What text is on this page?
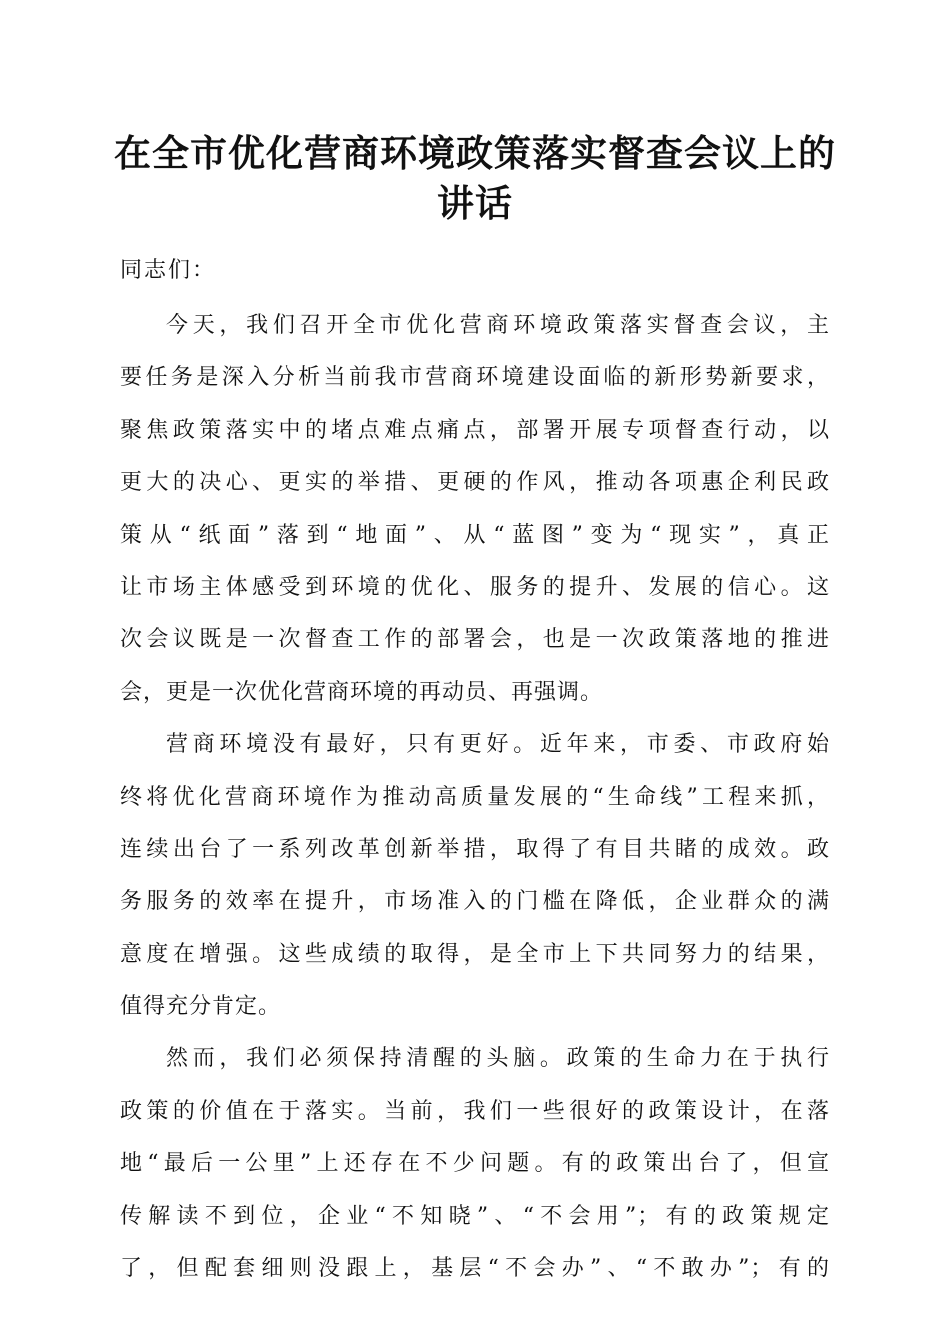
在全市优化营商环境政策落实督查会议上的讲话
同志们：
今天，我们召开全市优化营商环境政策落实督查会议，主
要任务是深入分析当前我市营商环境建设面临的新形势新要求，
聚焦政策落实中的堵点难点痛点，部署开展专项督查行动，以
更大的决心、更实的举措、更硬的作风，推动各项惠企利民政
策从“纸面”落到“地面”、从“蓝图”变为“现实”，真正
让市场主体感受到环境的优化、服务的提升、发展的信心。这
次会议既是一次督查工作的部署会，也是一次政策落地的推进
会，更是一次优化营商环境的再动员、再强调。
营商环境没有最好，只有更好。近年来，市委、市政府始
终将优化营商环境作为推动高质量发展的“生命线”工程来抓，
连续出台了一系列改革创新举措，取得了有目共睹的成效。政
务服务的效率在提升，市场准入的门槛在降低，企业群众的满
意度在增强。这些成绩的取得，是全市上下共同努力的结果，
值得充分肯定。
然而，我们必须保持清醒的头脑。政策的生命力在于执行
政策的价值在于落实。当前，我们一些很好的政策设计，在落
地“最后一公里”上还存在不少问题。有的政策出台了，但宣
传解读不到位，企业“不知晓”、“不会用”；有的政策规定
了，但配套细则没跟上，基层“不会办”、“不敢办”；有的
